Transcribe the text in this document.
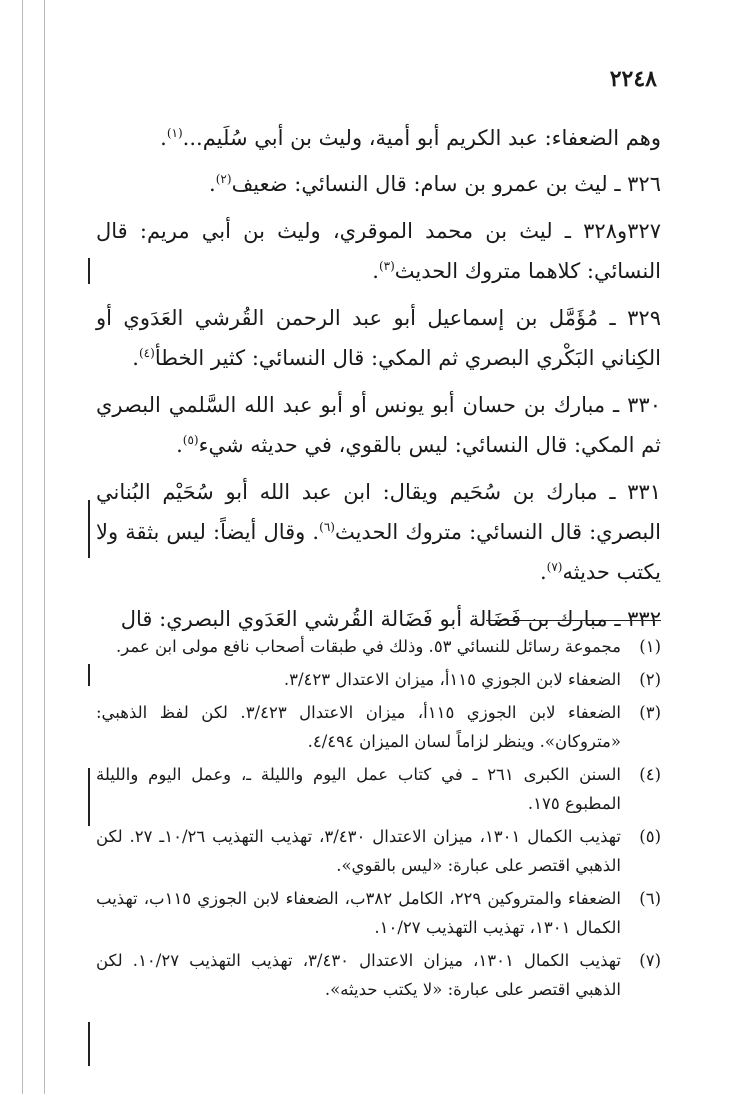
٢٢٤٨

وهم الضعفاء: عبد الكريم أبو أمية، وليث بن أبي سُلَيم...$^{(١)}$.

٣٢٦ ـ ليث بن عمرو بن سام: قال النسائي: ضعيف$^{(٢)}$.

٣٢٧و٣٢٨ ـ ليث بن محمد الموقري، وليث بن أبي مريم: قال النسائي: كلاهما متروك الحديث$^{(٣)}$.

٣٢٩ ـ مُؤَمَّل بن إسماعيل أبو عبد الرحمن القُرشي العَدَوي أو الكِناني البَكْري البصري ثم المكي: قال النسائي: كثير الخطأ$^{(٤)}$.

٣٣٠ ـ مبارك بن حسان أبو يونس أو أبو عبد الله السَّلمي البصري ثم المكي: قال النسائي: ليس بالقوي، في حديثه شيء$^{(٥)}$.

٣٣١ ـ مبارك بن سُحَيم ويقال: ابن عبد الله أبو سُحَيْم البُناني البصري: قال النسائي: متروك الحديث$^{(٦)}$. وقال أيضاً: ليس بثقة ولا يكتب حديثه$^{(٧)}$.

٣٣٢ ـ مبارك بن فَضَالة أبو فَضَالة القُرشي العَدَوي البصري: قال

(١)
مجموعة رسائل للنسائي ٥٣. وذلك في طبقات أصحاب نافع مولى ابن عمر.
(٢)
الضعفاء لابن الجوزي ١١٥أ، ميزان الاعتدال ٣/٤٢٣.
(٣)
الضعفاء لابن الجوزي ١١٥أ، ميزان الاعتدال ٣/٤٢٣. لكن لفظ الذهبي: «متروكان». وينظر لزاماً لسان الميزان ٤/٤٩٤.
(٤)
السنن الكبرى ٢٦١ ـ في كتاب عمل اليوم والليلة ـ، وعمل اليوم والليلة المطبوع ١٧٥.
(٥)
تهذيب الكمال ١٣٠١، ميزان الاعتدال ٣/٤٣٠، تهذيب التهذيب ١٠/٢٦ـ ٢٧. لكن الذهبي اقتصر على عبارة: «ليس بالقوي».
(٦)
الضعفاء والمتروكين ٢٢٩، الكامل ٣٨٢ب، الضعفاء لابن الجوزي ١١٥ب، تهذيب الكمال ١٣٠١، تهذيب التهذيب ١٠/٢٧.
(٧)
تهذيب الكمال ١٣٠١، ميزان الاعتدال ٣/٤٣٠، تهذيب التهذيب ١٠/٢٧. لكن الذهبي اقتصر على عبارة: «لا يكتب حديثه».
